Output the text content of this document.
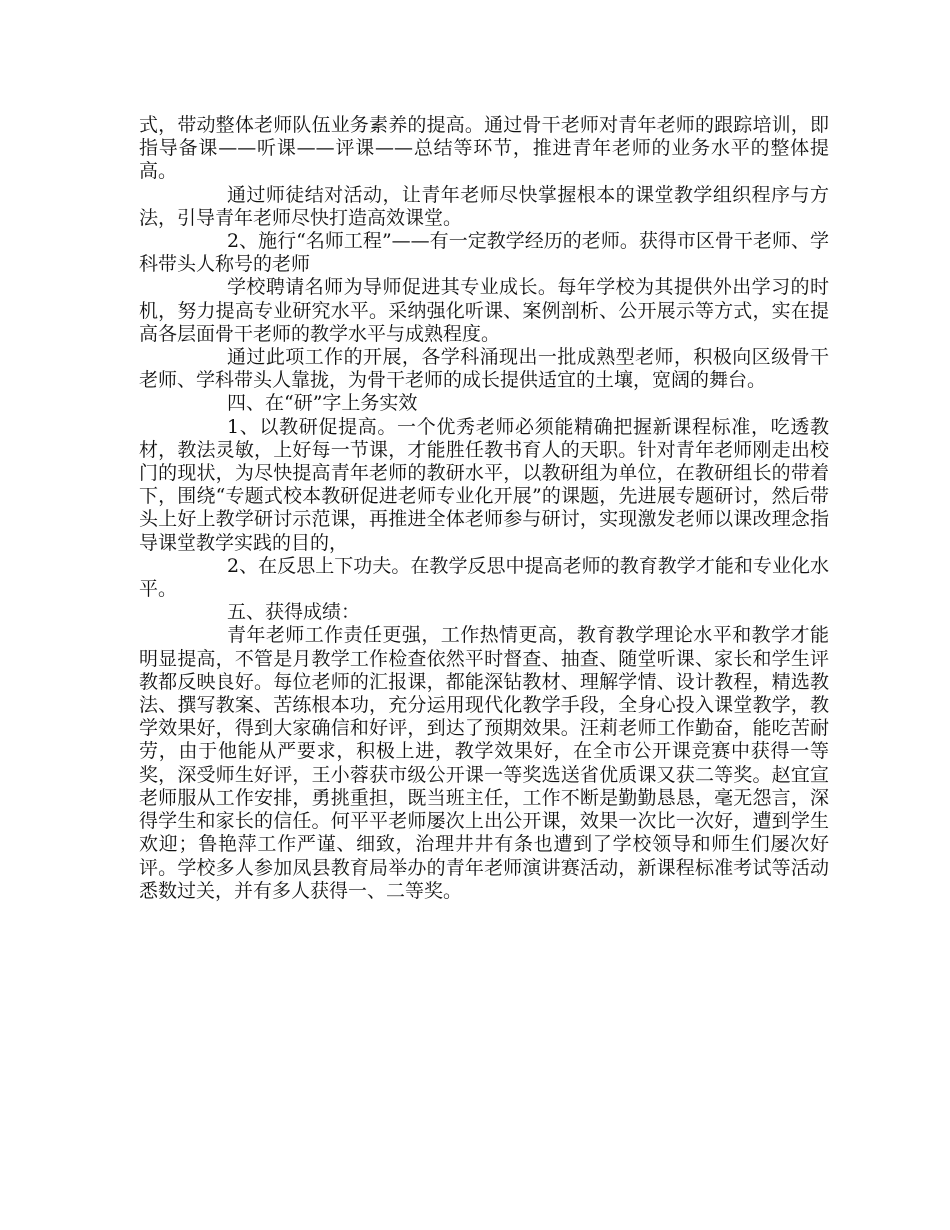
式，带动整体老师队伍业务素养的提高。通过骨干老师对青年老师的跟踪培训，即指导备课——听课——评课——总结等环节，推进青年老师的业务水平的整体提高。

通过师徒结对活动，让青年老师尽快掌握根本的课堂教学组织程序与方法，引导青年老师尽快打造高效课堂。

2、施行“名师工程”——有一定教学经历的老师。获得市区骨干老师、学科带头人称号的老师

学校聘请名师为导师促进其专业成长。每年学校为其提供外出学习的时机，努力提高专业研究水平。采纳强化听课、案例剖析、公开展示等方式，实在提高各层面骨干老师的教学水平与成熟程度。

通过此项工作的开展，各学科涌现出一批成熟型老师，积极向区级骨干老师、学科带头人靠拢，为骨干老师的成长提供适宜的土壤，宽阔的舞台。

四、在“研”字上务实效

1、以教研促提高。一个优秀老师必须能精确把握新课程标准，吃透教材，教法灵敏，上好每一节课，才能胜任教书育人的天职。针对青年老师刚走出校门的现状，为尽快提高青年老师的教研水平，以教研组为单位，在教研组长的带着下，围绕“专题式校本教研促进老师专业化开展”的课题，先进展专题研讨，然后带头上好上教学研讨示范课，再推进全体老师参与研讨，实现激发老师以课改理念指导课堂教学实践的目的，

2、在反思上下功夫。在教学反思中提高老师的教育教学才能和专业化水平。

五、获得成绩：

青年老师工作责任更强，工作热情更高，教育教学理论水平和教学才能明显提高，不管是月教学工作检查依然平时督查、抽查、随堂听课、家长和学生评教都反映良好。每位老师的汇报课，都能深钻教材、理解学情、设计教程，精选教法、撰写教案、苦练根本功，充分运用现代化教学手段，全身心投入课堂教学，教学效果好，得到大家确信和好评，到达了预期效果。汪莉老师工作勤奋，能吃苦耐劳，由于他能从严要求，积极上进，教学效果好，在全市公开课竞赛中获得一等奖，深受师生好评，王小蓉获市级公开课一等奖选送省优质课又获二等奖。赵宜宣老师服从工作安排，勇挑重担，既当班主任，工作不断是勤勤恳恳，毫无怨言，深得学生和家长的信任。何平平老师屡次上出公开课，效果一次比一次好，遭到学生欢迎；鲁艳萍工作严谨、细致，治理井井有条也遭到了学校领导和师生们屡次好评。学校多人参加凤县教育局举办的青年老师演讲赛活动，新课程标准考试等活动悉数过关，并有多人获得一、二等奖。
